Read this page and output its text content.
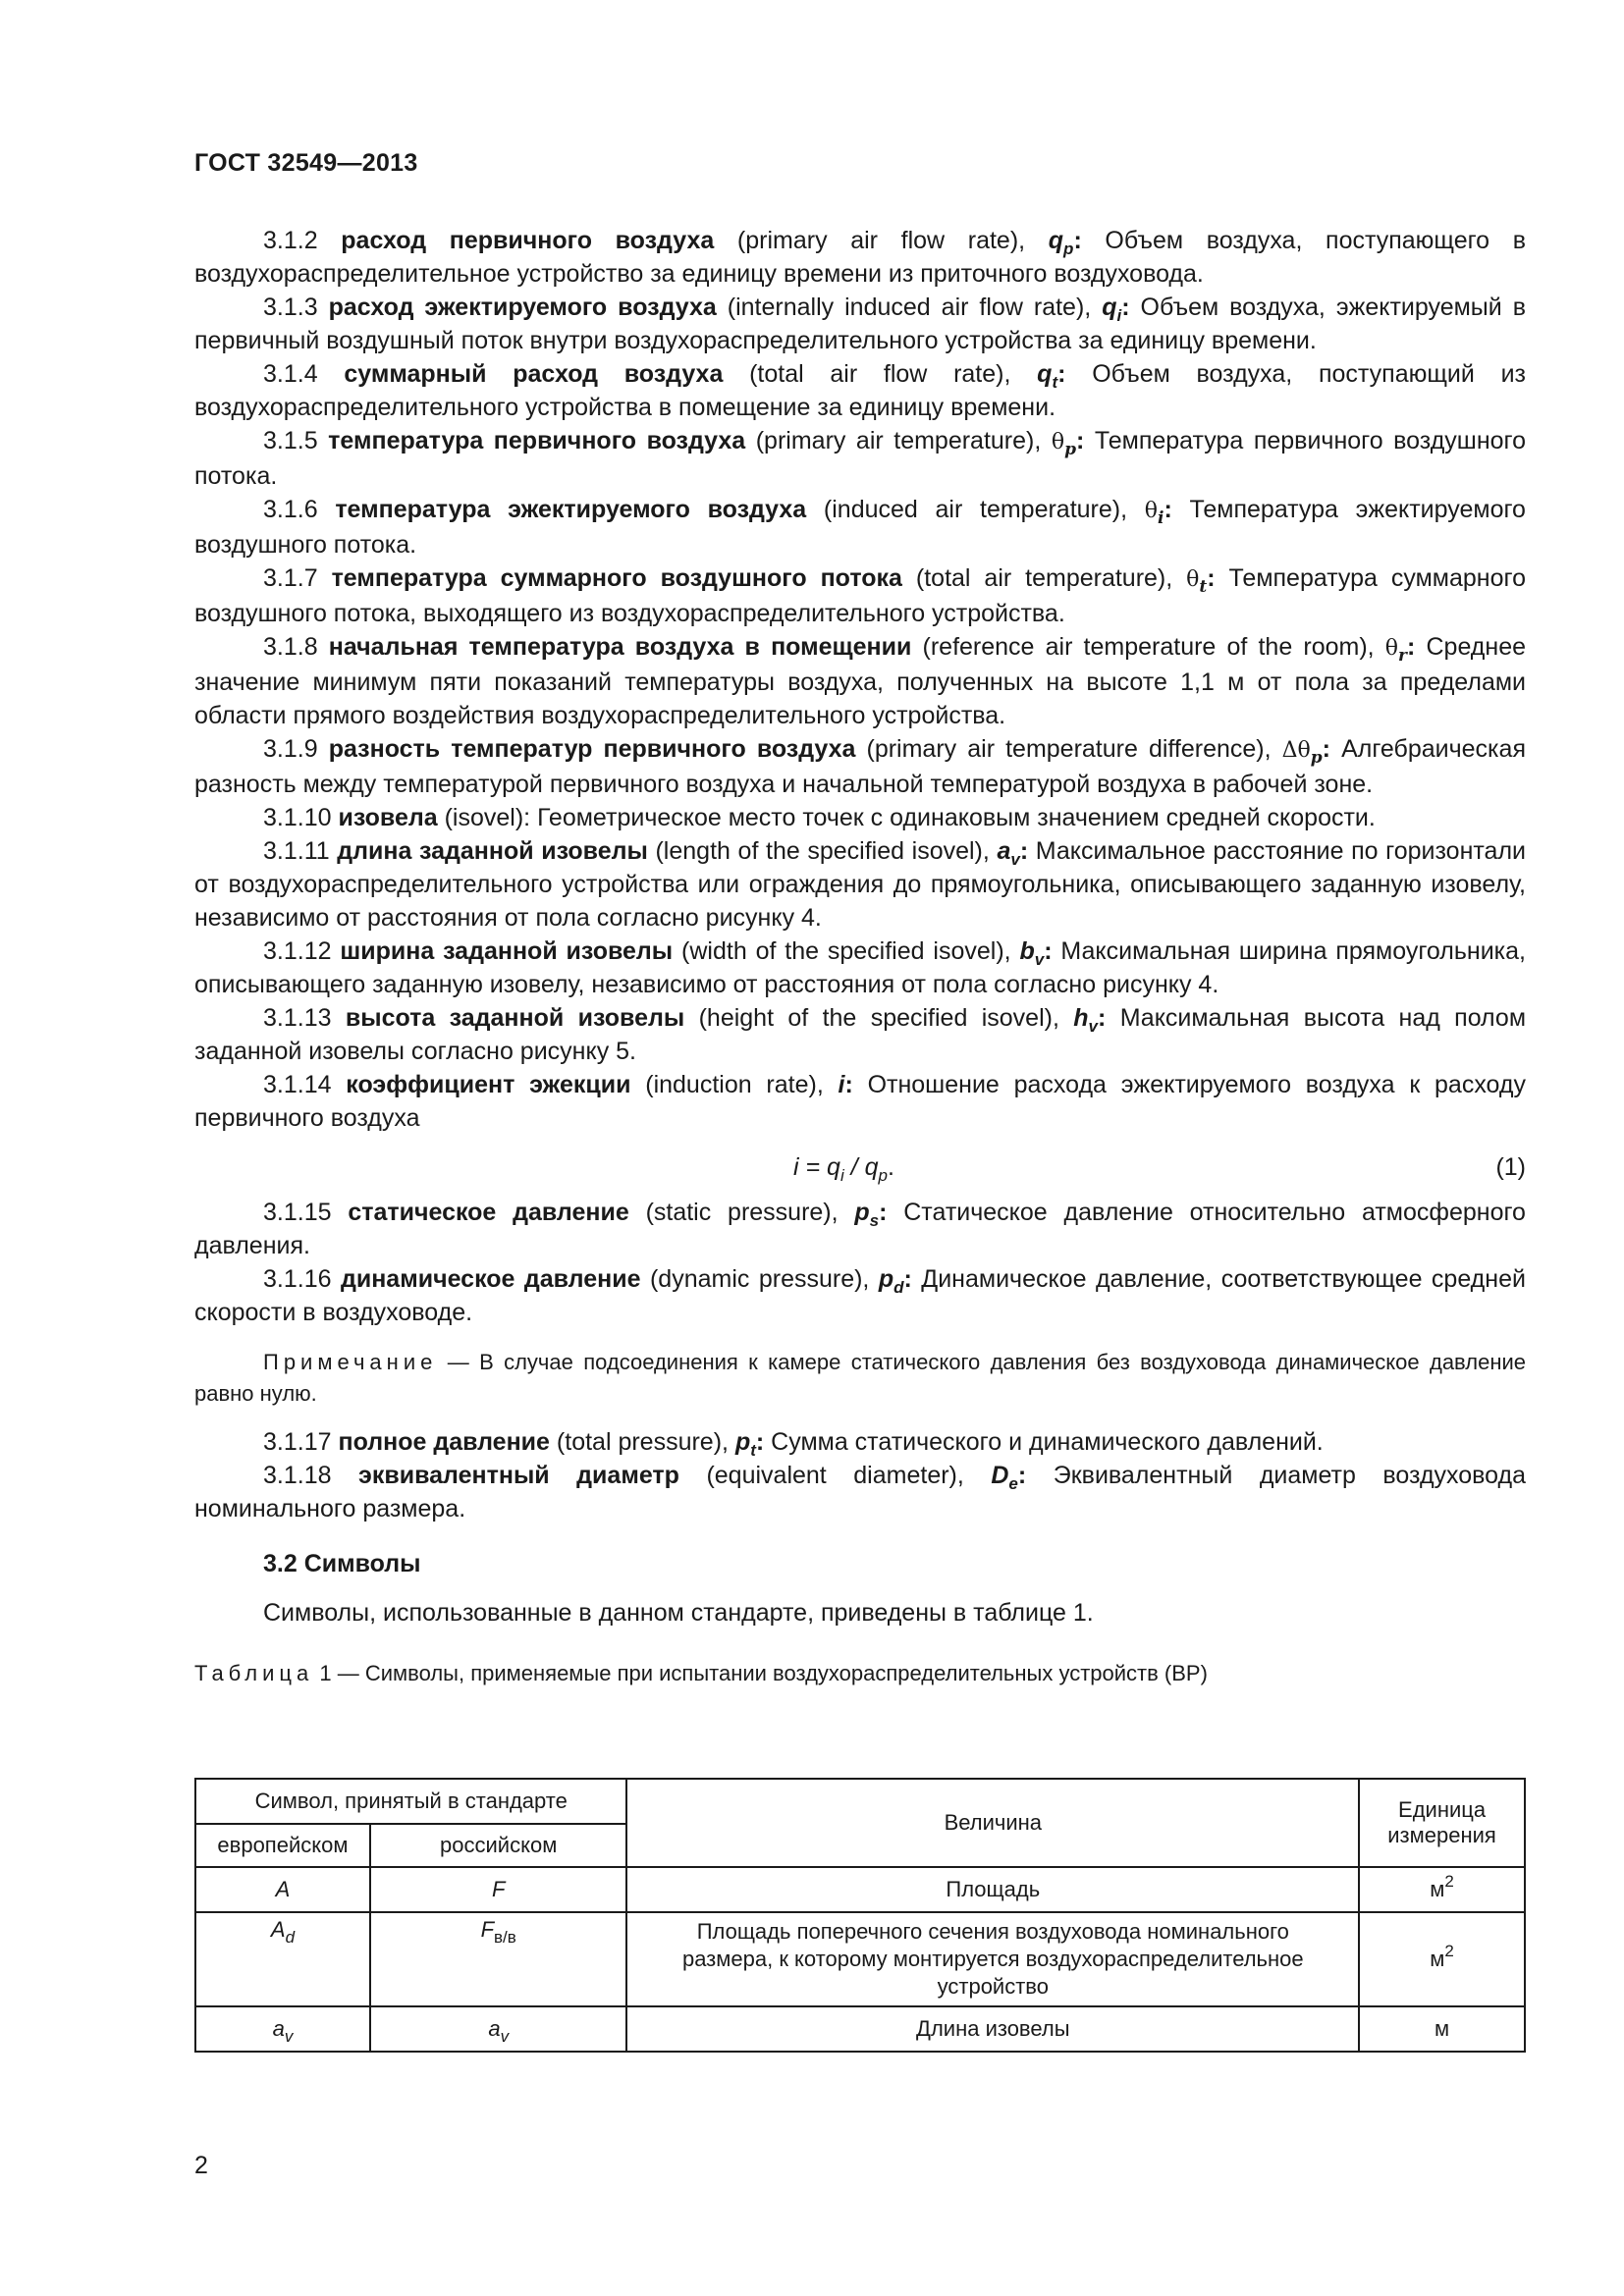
ГОСТ 32549—2013

3.1.2 расход первичного воздуха (primary air flow rate), $q_p$: Объем воздуха, поступающего в воздухораспределительное устройство за единицу времени из приточного воздуховода.

3.1.3 расход эжектируемого воздуха (internally induced air flow rate), $q_i$: Объем воздуха, эжектируемый в первичный воздушный поток внутри воздухораспределительного устройства за единицу времени.

3.1.4 суммарный расход воздуха (total air flow rate), $q_t$: Объем воздуха, поступающий из воздухораспределительного устройства в помещение за единицу времени.

3.1.5 температура первичного воздуха (primary air temperature), $\theta_p$: Температура первичного воздушного потока.

3.1.6 температура эжектируемого воздуха (induced air temperature), $\theta_i$: Температура эжектируемого воздушного потока.

3.1.7 температура суммарного воздушного потока (total air temperature), $\theta_t$: Температура суммарного воздушного потока, выходящего из воздухораспределительного устройства.

3.1.8 начальная температура воздуха в помещении (reference air temperature of the room), $\theta_r$: Среднее значение минимум пяти показаний температуры воздуха, полученных на высоте 1,1 м от пола за пределами области прямого воздействия воздухораспределительного устройства.

3.1.9 разность температур первичного воздуха (primary air temperature difference), $\Delta\theta_p$: Алгебраическая разность между температурой первичного воздуха и начальной температурой воздуха в рабочей зоне.

3.1.10 изовела (isovel): Геометрическое место точек с одинаковым значением средней скорости.

3.1.11 длина заданной изовелы (length of the specified isovel), $a_v$: Максимальное расстояние по горизонтали от воздухораспределительного устройства или ограждения до прямоугольника, описывающего заданную изовелу, независимо от расстояния от пола согласно рисунку 4.

3.1.12 ширина заданной изовелы (width of the specified isovel), $b_v$: Максимальная ширина прямоугольника, описывающего заданную изовелу, независимо от расстояния от пола согласно рисунку 4.

3.1.13 высота заданной изовелы (height of the specified isovel), $h_v$: Максимальная высота над полом заданной изовелы согласно рисунку 5.

3.1.14 коэффициент эжекции (induction rate), i: Отношение расхода эжектируемого воздуха к расходу первичного воздуха

$i = q_i / q_p$.	(1)

3.1.15 статическое давление (static pressure), $p_s$: Статическое давление относительно атмосферного давления.

3.1.16 динамическое давление (dynamic pressure), $p_d$: Динамическое давление, соответствующее средней скорости в воздуховоде.

Примечание — В случае подсоединения к камере статического давления без воздуховода динамическое давление равно нулю.

3.1.17 полное давление (total pressure), $p_t$: Сумма статического и динамического давлений.

3.1.18 эквивалентный диаметр (equivalent diameter), $D_e$: Эквивалентный диаметр воздуховода номинального размера.

3.2 Символы
Символы, использованные в данном стандарте, приведены в таблице 1.
Таблица 1 — Символы, применяемые при испытании воздухораспределительных устройств (ВР)
Символ, принятый в стандарте		Величина	Единица измерения
европейском	российском		
A	F	Площадь	$м^2$
$A_d$	$F_{в/в}$	Площадь поперечного сечения воздуховода номинального размера, к которому монтируется воздухораспределительное устройство	$м^2$
$a_v$	$a_v$	Длина изовелы	м
2
